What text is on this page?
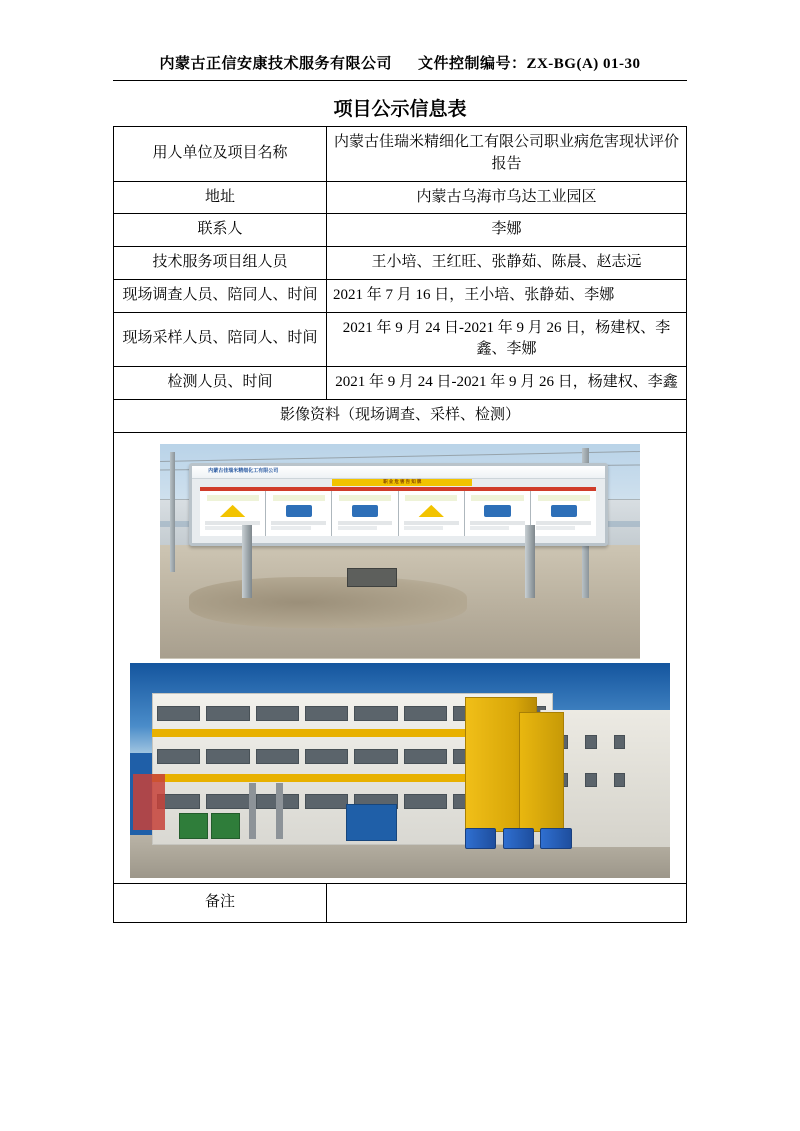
内蒙古正信安康技术服务有限公司 文件控制编号：ZX-BG(A) 01-30
项目公示信息表
用人单位及项目名称	内蒙古佳瑞米精细化工有限公司职业病危害现状评价报告
地址	内蒙古乌海市乌达工业园区
联系人	李娜
技术服务项目组人员	王小培、王红旺、张静茹、陈晨、赵志远
现场调查人员、陪同人、时间	2021 年 7 月 16 日，王小培、张静茹、李娜
现场采样人员、陪同人、时间	2021 年 9 月 24 日-2021 年 9 月 26 日，杨建权、李鑫、李娜
检测人员、时间	2021 年 9 月 24 日-2021 年 9 月 26 日，杨建权、李鑫
影像资料（现场调查、采样、检测）	

内蒙古佳瑞米精细化工有限公司
职 业 危 害 告 知 牌	

备注	
